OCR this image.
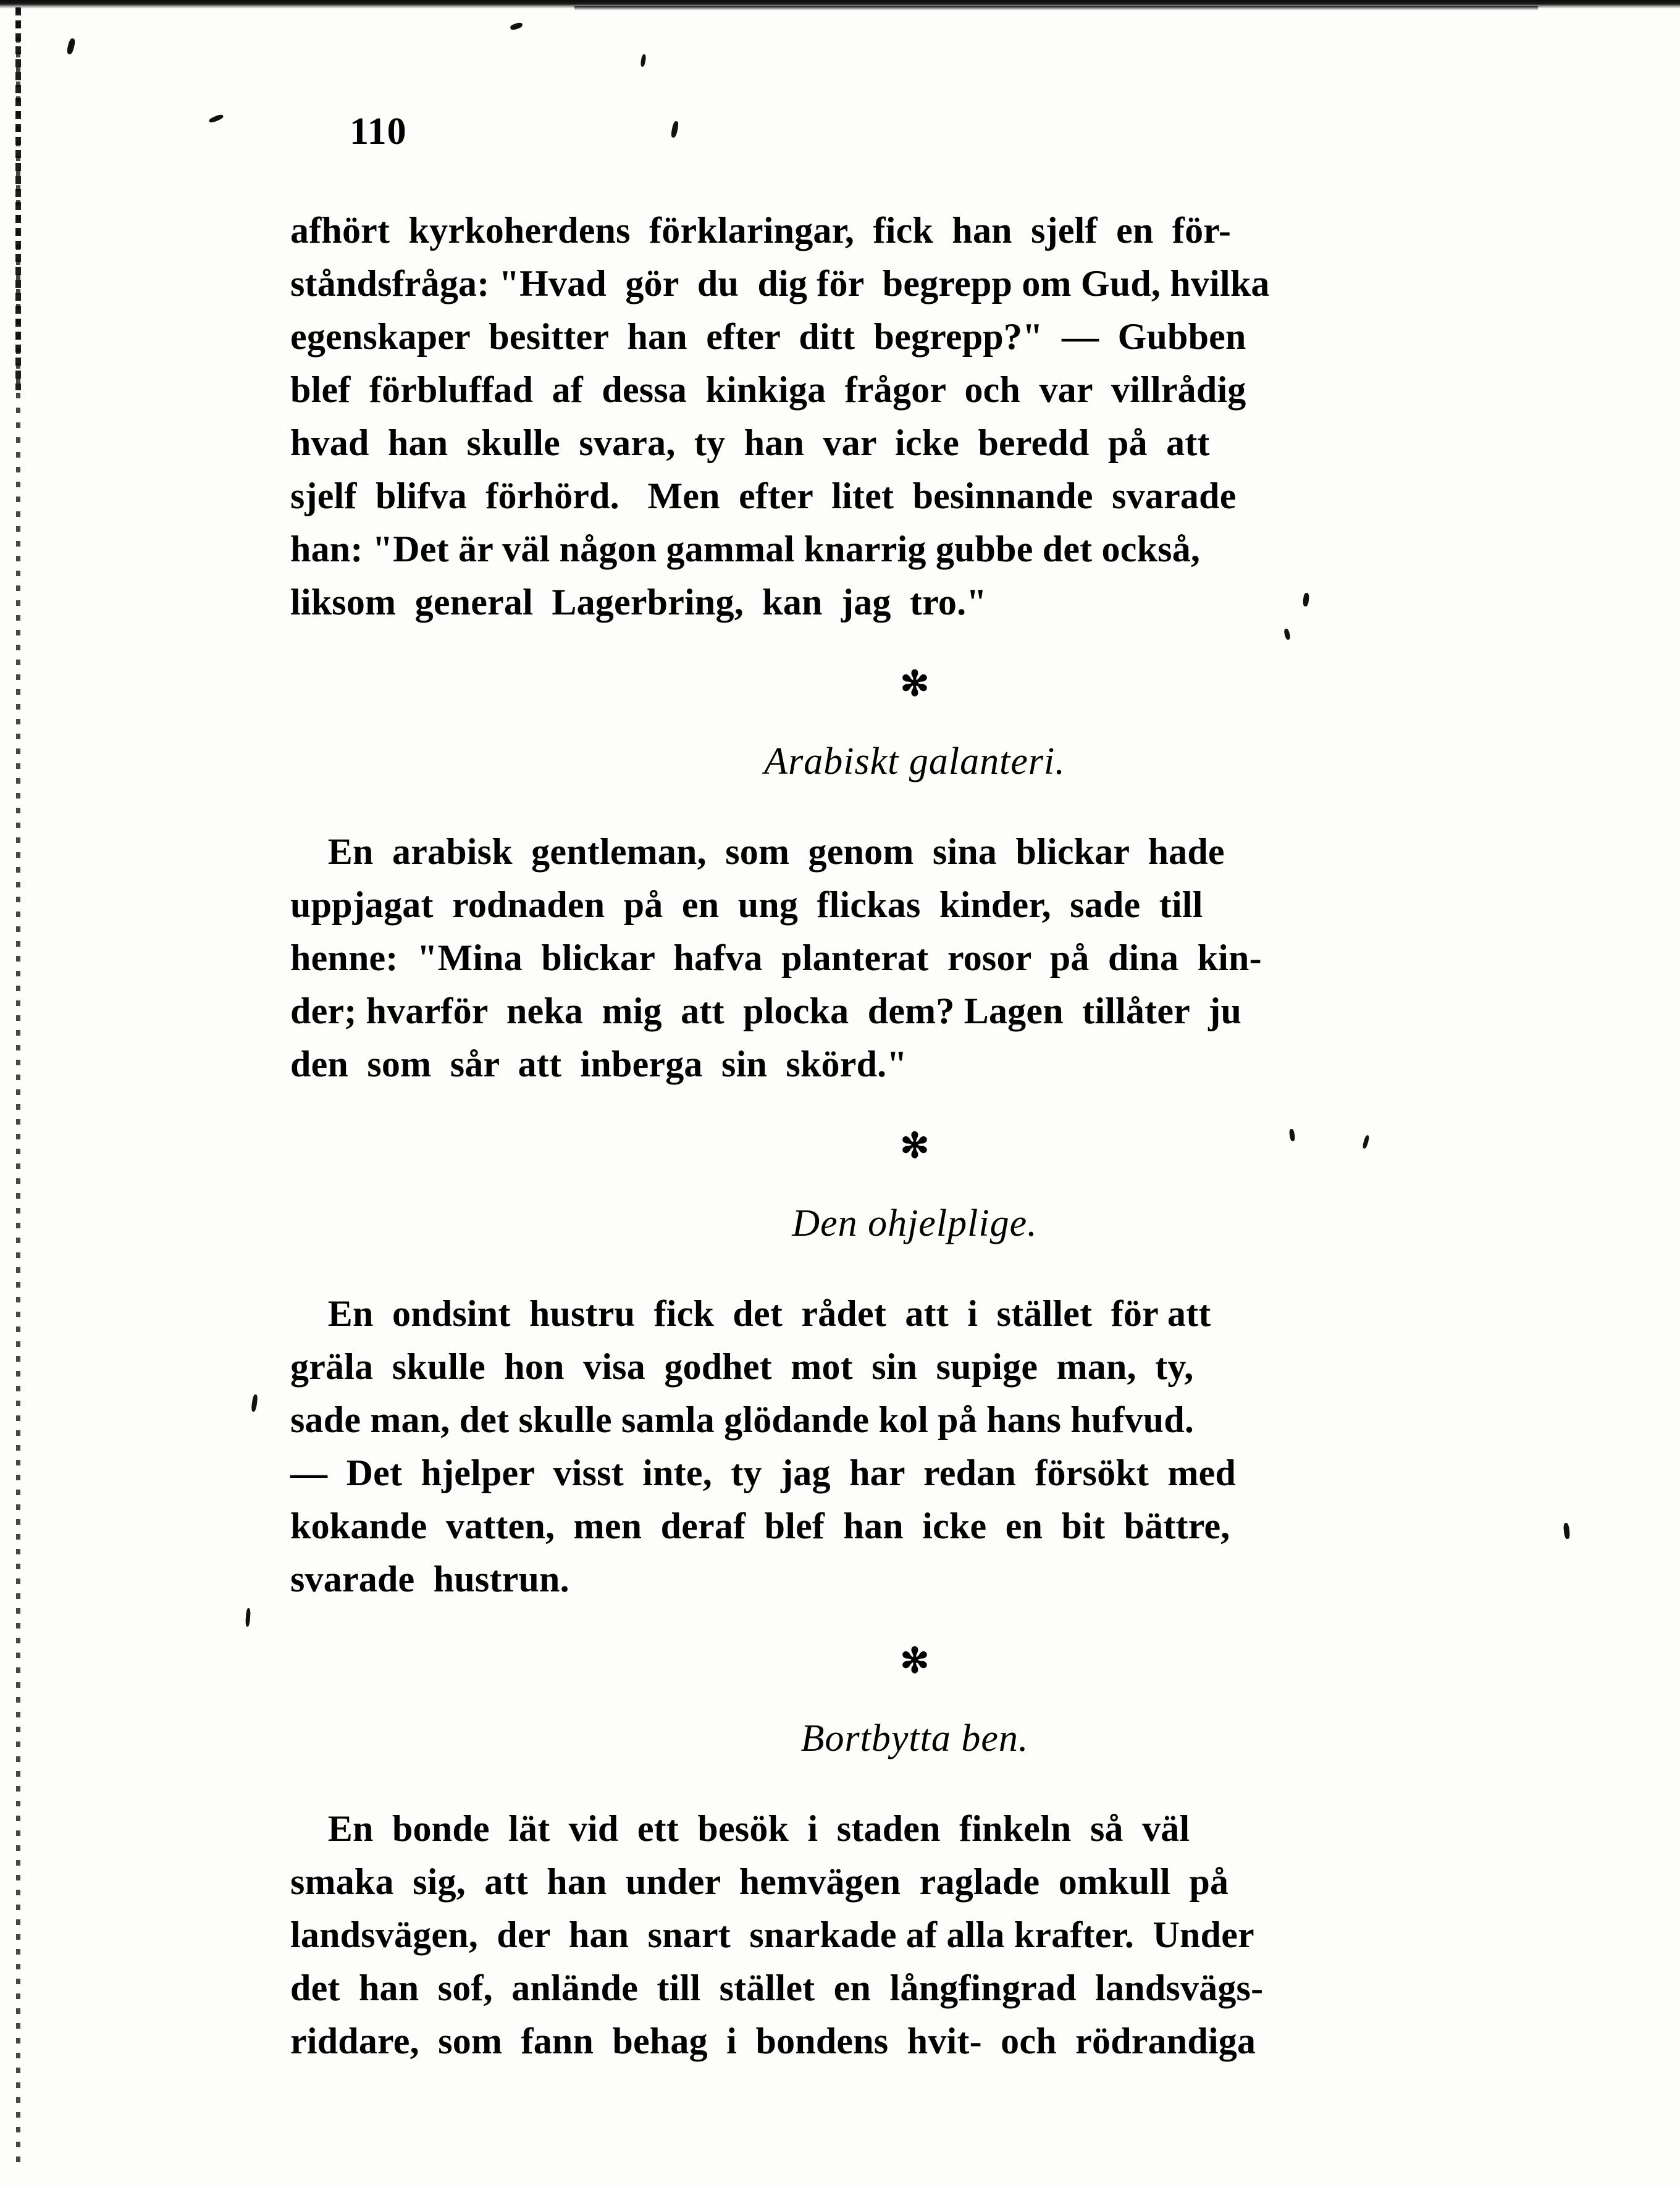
110

afhört  kyrkoherdens  förklaringar,  fick  han  sjelf  en  för-
ståndsfråga: "Hvad  gör  du  dig för  begrepp om Gud, hvilka
egenskaper  besitter  han  efter  ditt  begrepp?"  —  Gubben
blef  förbluffad  af  dessa  kinkiga  frågor  och  var  villrådig
hvad  han  skulle  svara,  ty  han  var  icke  beredd  på  att
sjelf  blifva  förhörd.   Men  efter  litet  besinnande  svarade
han: "Det är väl någon gammal knarrig gubbe det också,
liksom  general  Lagerbring,  kan  jag  tro."

✻
Arabiskt galanteri.

En  arabisk  gentleman,  som  genom  sina  blickar  hade
uppjagat  rodnaden  på  en  ung  flickas  kinder,  sade  till
henne:  "Mina  blickar  hafva  planterat  rosor  på  dina  kin-
der; hvarför  neka  mig  att  plocka  dem? Lagen  tillåter  ju
den  som  sår  att  inberga  sin  skörd."

✻
Den ohjelplige.

En  ondsint  hustru  fick  det  rådet  att  i  stället  för att
gräla  skulle  hon  visa  godhet  mot  sin  supige  man,  ty,
sade man, det skulle samla glödande kol på hans hufvud.
—  Det  hjelper  visst  inte,  ty  jag  har  redan  försökt  med
kokande  vatten,  men  deraf  blef  han  icke  en  bit  bättre,
svarade  hustrun.

✻
Bortbytta ben.

En  bonde  lät  vid  ett  besök  i  staden  finkeln  så  väl
smaka  sig,  att  han  under  hemvägen  raglade  omkull  på
landsvägen,  der  han  snart  snarkade af alla krafter.  Under
det  han  sof,  anlände  till  stället  en  långfingrad  landsvägs-
riddare,  som  fann  behag  i  bondens  hvit-  och  rödrandiga
